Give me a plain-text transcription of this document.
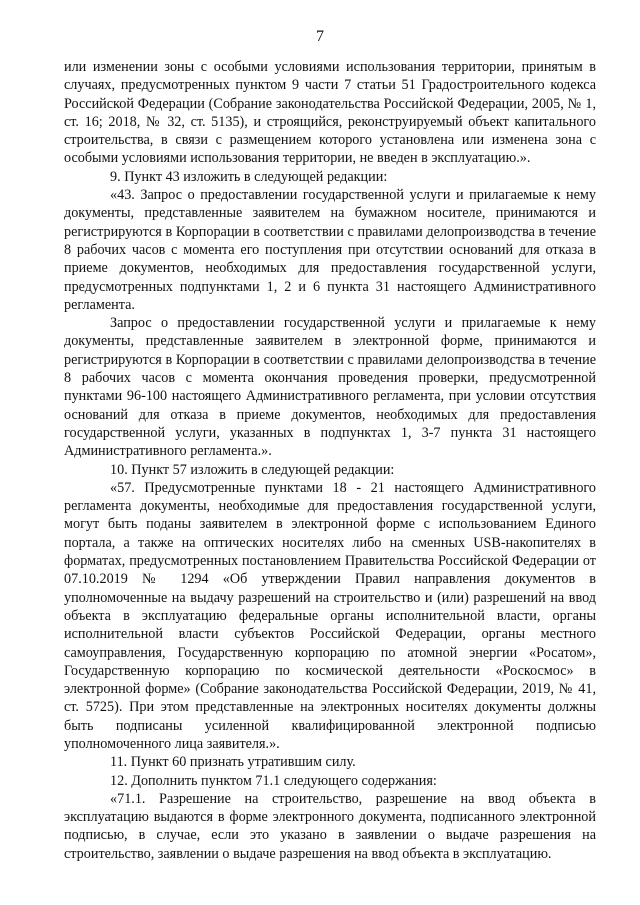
7

или изменении зоны с особыми условиями использования территории, принятым в случаях, предусмотренных пунктом 9 части 7 статьи 51 Градостроительного кодекса Российской Федерации (Собрание законодательства Российской Федерации, 2005, № 1, ст. 16; 2018, № 32, ст. 5135), и строящийся, реконструируемый объект капитального строительства, в связи с размещением которого установлена или изменена зона с особыми условиями использования территории, не введен в эксплуатацию.».

9. Пункт 43 изложить в следующей редакции:

«43. Запрос о предоставлении государственной услуги и прилагаемые к нему документы, представленные заявителем на бумажном носителе, принимаются и регистрируются в Корпорации в соответствии с правилами делопроизводства в течение 8 рабочих часов с момента его поступления при отсутствии оснований для отказа в приеме документов, необходимых для предоставления государственной услуги, предусмотренных подпунктами 1, 2 и 6 пункта 31 настоящего Административного регламента.

Запрос о предоставлении государственной услуги и прилагаемые к нему документы, представленные заявителем в электронной форме, принимаются и регистрируются в Корпорации в соответствии с правилами делопроизводства в течение 8 рабочих часов с момента окончания проведения проверки, предусмотренной пунктами 96-100 настоящего Административного регламента, при условии отсутствия оснований для отказа в приеме документов, необходимых для предоставления государственной услуги, указанных в подпунктах 1, 3-7 пункта 31 настоящего Административного регламента.».

10. Пункт 57 изложить в следующей редакции:

«57. Предусмотренные пунктами 18 - 21 настоящего Административного регламента документы, необходимые для предоставления государственной услуги, могут быть поданы заявителем в электронной форме с использованием Единого портала, а также на оптических носителях либо на сменных USB-накопителях в форматах, предусмотренных постановлением Правительства Российской Федерации от 07.10.2019 № 1294 «Об утверждении Правил направления документов в уполномоченные на выдачу разрешений на строительство и (или) разрешений на ввод объекта в эксплуатацию федеральные органы исполнительной власти, органы исполнительной власти субъектов Российской Федерации, органы местного самоуправления, Государственную корпорацию по атомной энергии «Росатом», Государственную корпорацию по космической деятельности «Роскосмос» в электронной форме» (Собрание законодательства Российской Федерации, 2019, № 41, ст. 5725). При этом представленные на электронных носителях документы должны быть подписаны усиленной квалифицированной электронной подписью уполномоченного лица заявителя.».

11. Пункт 60 признать утратившим силу.

12. Дополнить пунктом 71.1 следующего содержания:

«71.1. Разрешение на строительство, разрешение на ввод объекта в эксплуатацию выдаются в форме электронного документа, подписанного электронной подписью, в случае, если это указано в заявлении о выдаче разрешения на строительство, заявлении о выдаче разрешения на ввод объекта в эксплуатацию.
